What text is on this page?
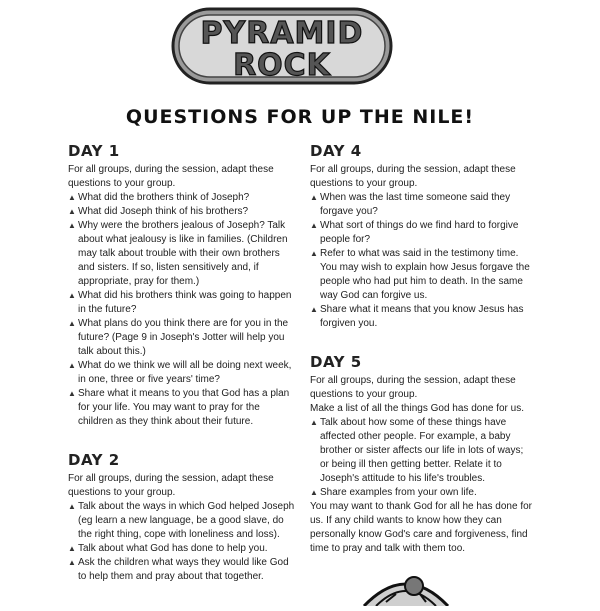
PYRAMID
ROCK
QUESTIONS FOR UP THE NILE!
DAY 1

For all groups, during the session, adapt these questions to your group.

▲ What did the brothers think of Joseph?
▲ What did Joseph think of his brothers?
▲ Why were the brothers jealous of Joseph? Talk about what jealousy is like in families. (Children may talk about trouble with their own brothers and sisters. If so, listen sensitively and, if appropriate, pray for them.)
▲ What did his brothers think was going to happen in the future?
▲ What plans do you think there are for you in the future? (Page 9 in Joseph's Jotter will help you talk about this.)
▲ What do we think we will all be doing next week, in one, three or five years' time?
▲ Share what it means to you that God has a plan for your life. You may want to pray for the children as they think about their future.
DAY 2

For all groups, during the session, adapt these questions to your group.

▲ Talk about the ways in which God helped Joseph (eg learn a new language, be a good slave, do the right thing, cope with loneliness and loss).
▲ Talk about what God has done to help you.
▲ Ask the children what ways they would like God to help them and pray about that together.
DAY 4

For all groups, during the session, adapt these questions to your group.

▲ When was the last time someone said they forgave you?
▲ What sort of things do we find hard to forgive people for?
▲ Refer to what was said in the testimony time. You may wish to explain how Jesus forgave the people who had put him to death. In the same way God can forgive us.
▲ Share what it means that you know Jesus has forgiven you.
DAY 5

For all groups, during the session, adapt these questions to your group.

Make a list of all the things God has done for us.

▲ Talk about how some of these things have affected other people. For example, a baby brother or sister affects our life in lots of ways; or being ill then getting better. Relate it to Joseph's attitude to his life's troubles.
▲ Share examples from your own life.

You may want to thank God for all he has done for us. If any child wants to know how they can personally know God's care and forgiveness, find time to pray and talk with them too.
